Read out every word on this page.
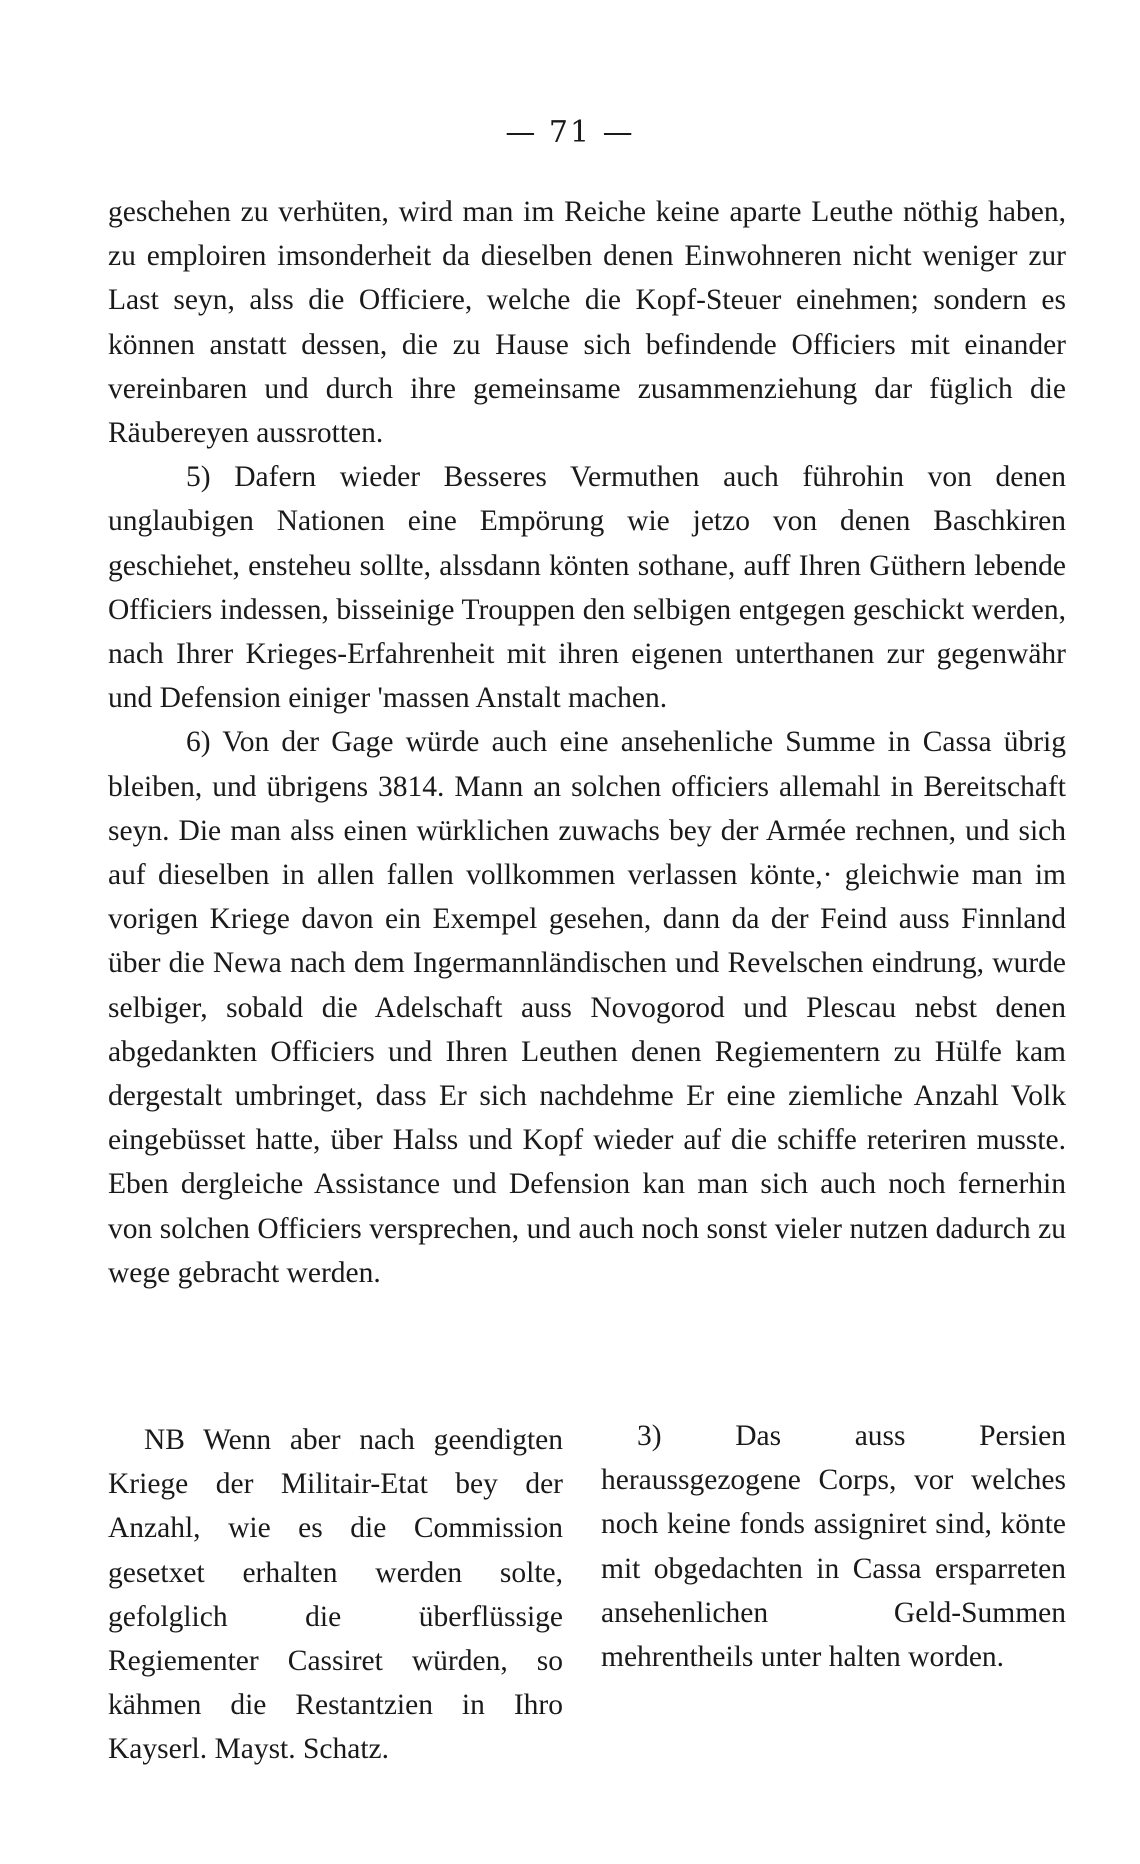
— 71 —

geschehen zu verhüten, wird man im Reiche keine aparte Leuthe nöthig haben, zu emploiren imsonderheit da dieselben denen Einwohneren nicht weniger zur Last seyn, alss die Officiere, welche die Kopf-Steuer einehmen; sondern es können anstatt dessen, die zu Hause sich befindende Officiers mit einander vereinbaren und durch ihre gemeinsame zusammenziehung dar füglich die Räubereyen aussrotten.

5) Dafern wieder Besseres Vermuthen auch führohin von denen unglaubigen Nationen eine Empörung wie jetzo von denen Baschkiren geschiehet, ensteheu sollte, alssdann könten sothane, auff Ihren Güthern lebende Officiers indessen, bisseinige Trouppen den selbigen entgegen geschickt werden, nach Ihrer Krieges-Erfahrenheit mit ihren eigenen unterthanen zur gegenwähr und Defension einiger 'massen Anstalt machen.

6) Von der Gage würde auch eine ansehenliche Summe in Cassa übrig bleiben, und übrigens 3814. Mann an solchen officiers allemahl in Bereitschaft seyn. Die man alss einen würklichen zuwachs bey der Armée rechnen, und sich auf dieselben in allen fallen vollkommen verlassen könte,· gleichwie man im vorigen Kriege davon ein Exempel gesehen, dann da der Feind auss Finnland über die Newa nach dem Ingermannländischen und Revelschen eindrung, wurde selbiger, sobald die Adelschaft auss Novogorod und Plescau nebst denen abgedankten Officiers und Ihren Leuthen denen Regiementern zu Hülfe kam dergestalt umbringet, dass Er sich nachdehme Er eine ziemliche Anzahl Volk eingebüsset hatte, über Halss und Kopf wieder auf die schiffe reteriren musste. Eben dergleiche Assistance und Defension kan man sich auch noch fernerhin von solchen Officiers versprechen, und auch noch sonst vieler nutzen dadurch zu wege gebracht werden.

NB Wenn aber nach geendigten Kriege der Militair-Etat bey der Anzahl, wie es die Commission gesetxet erhalten werden solte, gefolglich die überflüssige Regiementer Cassiret würden, so kähmen die Restantzien in Ihro Kayserl. Mayst. Schatz.

3) Das auss Persien heraussgezogene Corps, vor welches noch keine fonds assigniret sind, könte mit obgedachten in Cassa ersparreten ansehenlichen Geld-Summen mehrentheils unter halten worden.
